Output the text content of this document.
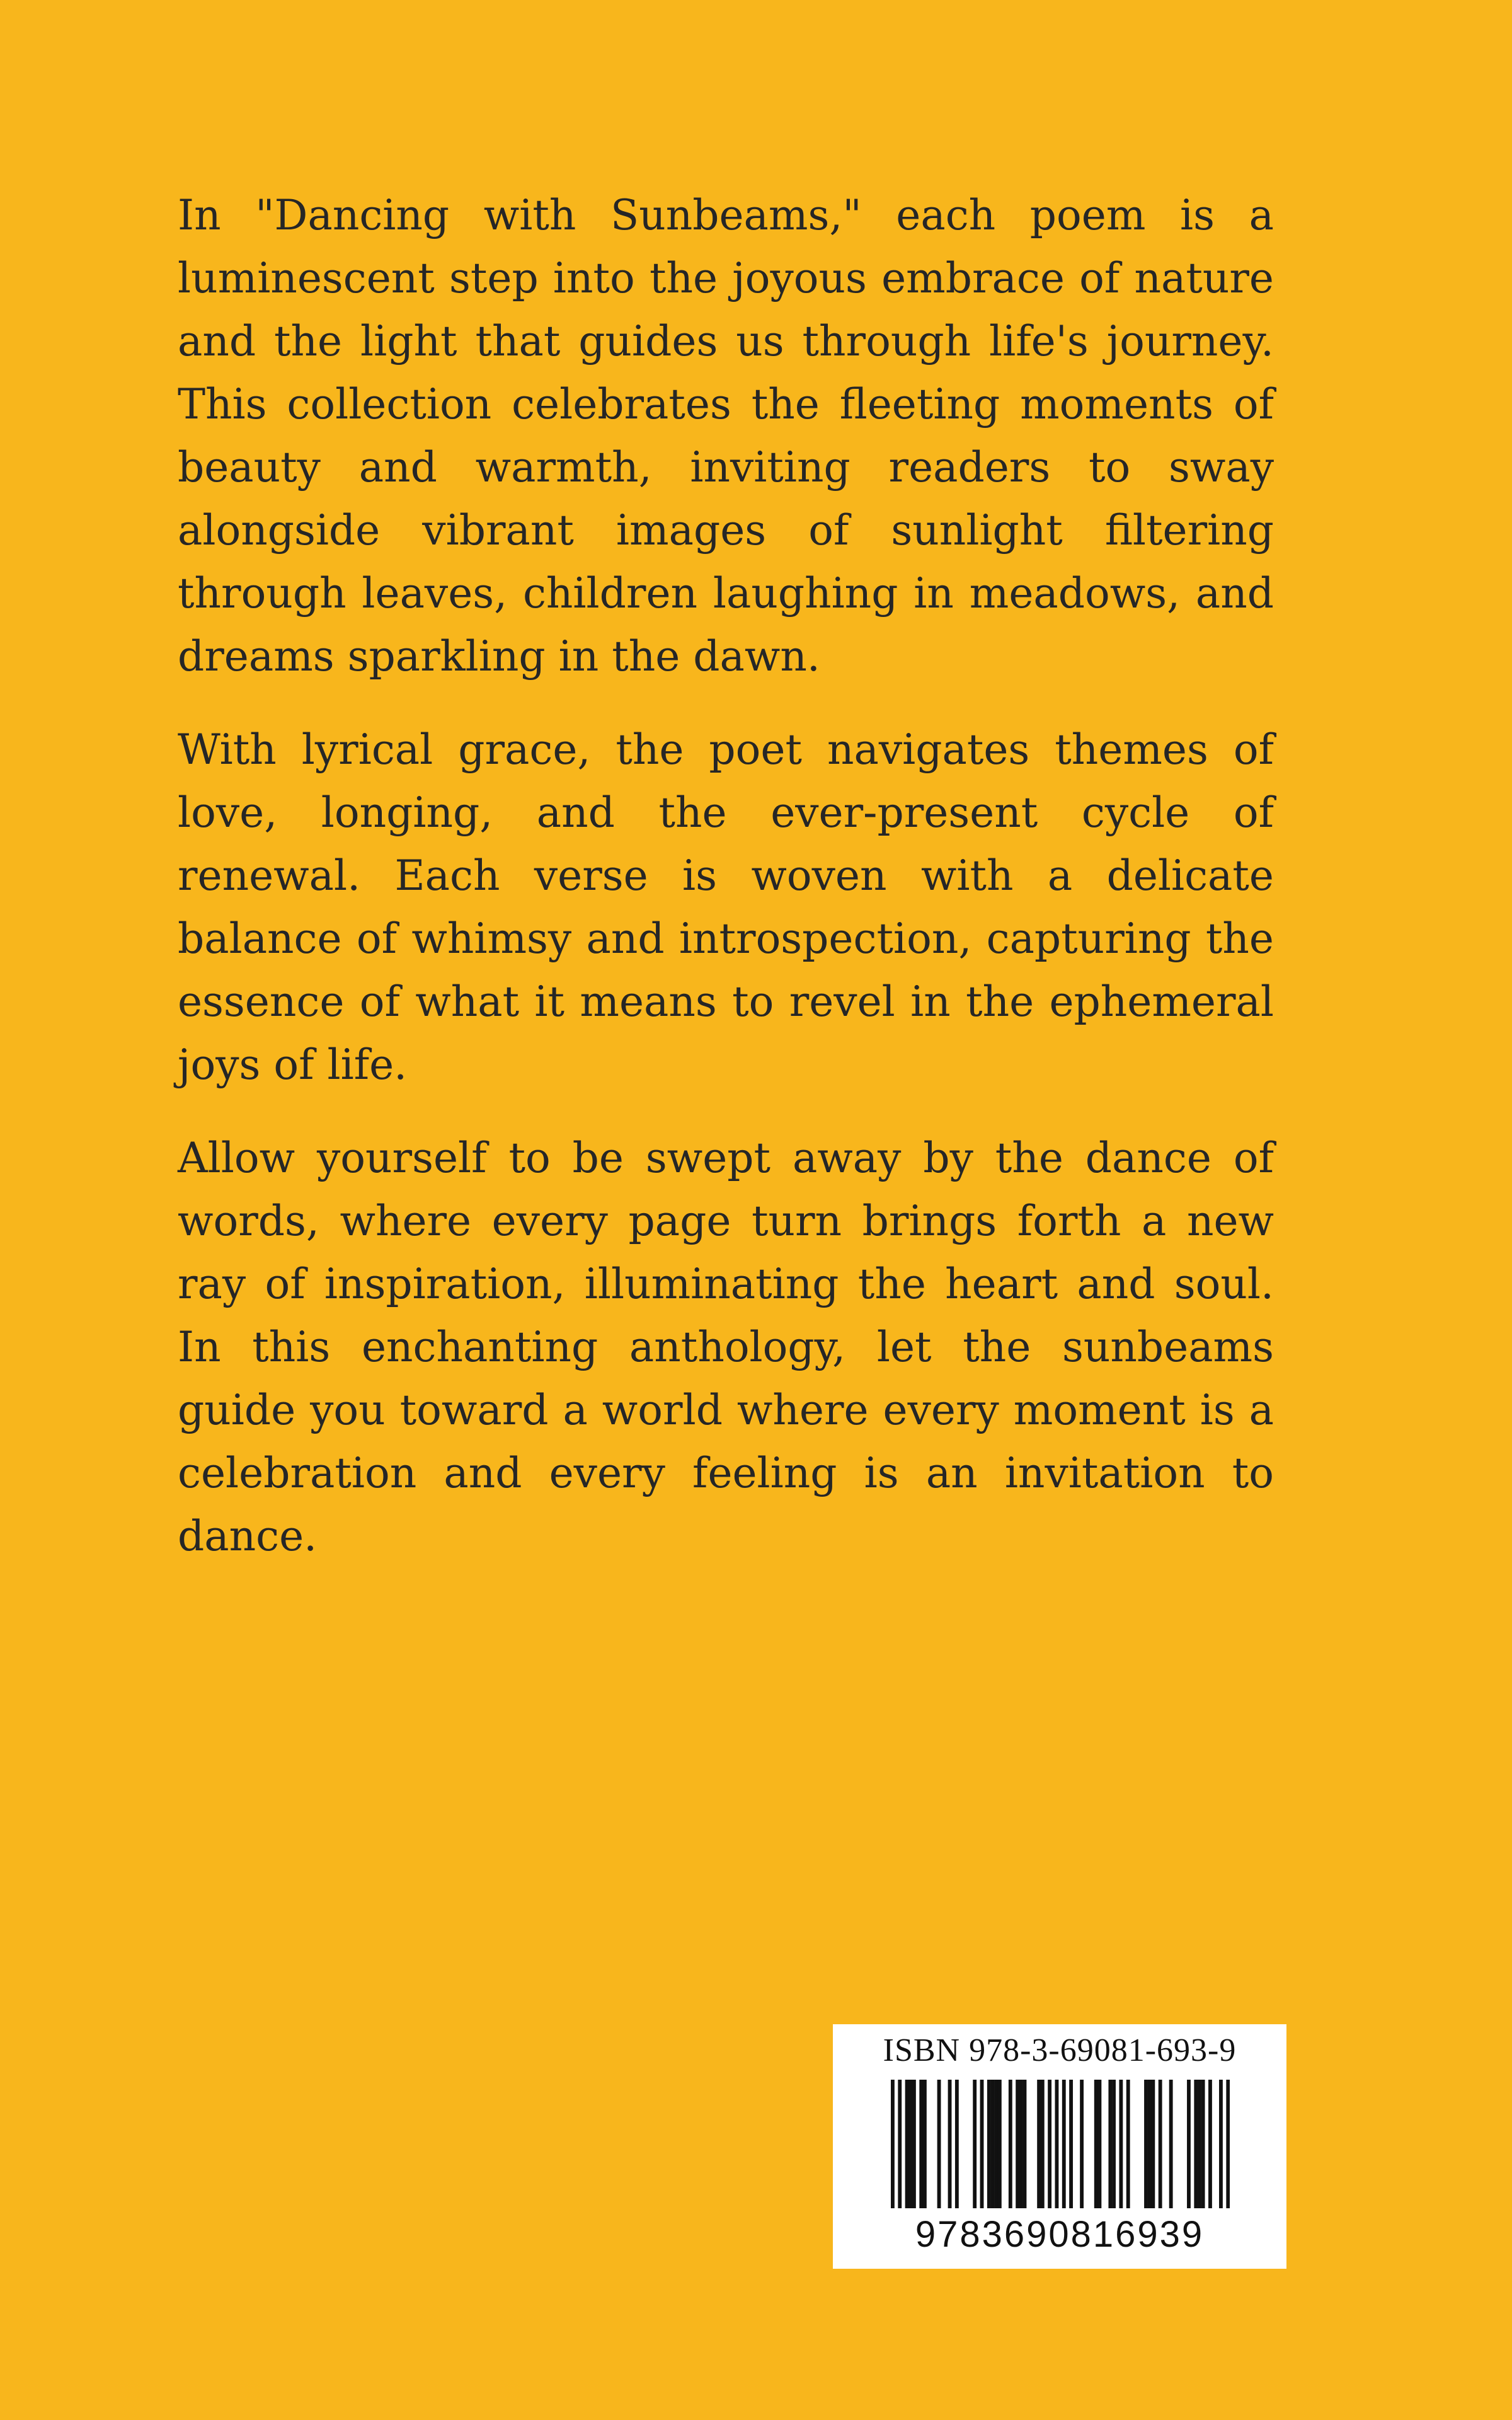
In "Dancing with Sunbeams," each poem is a luminescent step into the joyous embrace of nature and the light that guides us through life's journey. This collection celebrates the fleeting moments of beauty and warmth, inviting readers to sway alongside vibrant images of sunlight filtering through leaves, children laughing in meadows, and dreams sparkling in the dawn.

With lyrical grace, the poet navigates themes of love, longing, and the ever-present cycle of renewal. Each verse is woven with a delicate balance of whimsy and introspection, capturing the essence of what it means to revel in the ephemeral joys of life.

Allow yourself to be swept away by the dance of words, where every page turn brings forth a new ray of inspiration, illuminating the heart and soul. In this enchanting anthology, let the sunbeams guide you toward a world where every moment is a celebration and every feeling is an invitation to dance.

ISBN 978-3-69081-693-9
9783690816939
